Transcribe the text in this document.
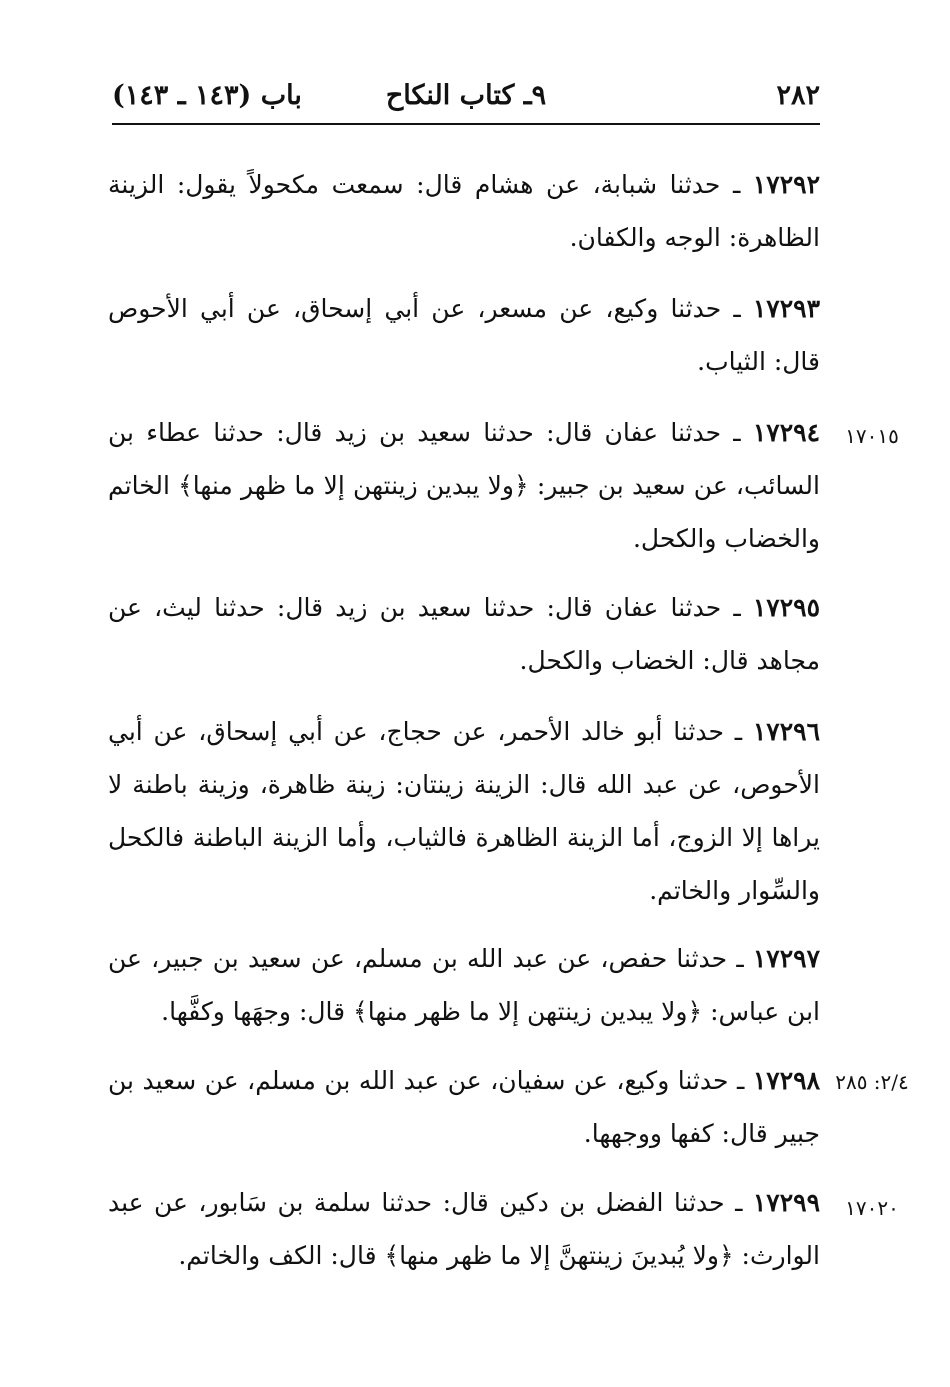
٢٨٢
٩ـ كتاب النكاح
باب (١٤٣ ـ ١٤٣)
١٧٢٩٢ ـ حدثنا شبابة، عن هشام قال: سمعت مكحولاً يقول: الزينة الظاهرة: الوجه والكفان.
١٧٢٩٣ ـ حدثنا وكيع، عن مسعر، عن أبي إسحاق، عن أبي الأحوص قال: الثياب.
١٧٠١٥
١٧٢٩٤ ـ حدثنا عفان قال: حدثنا سعيد بن زيد قال: حدثنا عطاء بن السائب، عن سعيد بن جبير: ﴿ولا يبدين زينتهن إلا ما ظهر منها﴾ الخاتم والخضاب والكحل.
١٧٢٩٥ ـ حدثنا عفان قال: حدثنا سعيد بن زيد قال: حدثنا ليث، عن مجاهد قال: الخضاب والكحل.
١٧٢٩٦ ـ حدثنا أبو خالد الأحمر، عن حجاج، عن أبي إسحاق، عن أبي الأحوص، عن عبد الله قال: الزينة زينتان: زينة ظاهرة، وزينة باطنة لا يراها إلا الزوج، أما الزينة الظاهرة فالثياب، وأما الزينة الباطنة فالكحل والسِّوار والخاتم.
١٧٢٩٧ ـ حدثنا حفص، عن عبد الله بن مسلم، عن سعيد بن جبير، عن ابن عباس: ﴿ولا يبدين زينتهن إلا ما ظهر منها﴾ قال: وجهَها وكفَّها.
٢/٤: ٢٨٥
١٧٢٩٨ ـ حدثنا وكيع، عن سفيان، عن عبد الله بن مسلم، عن سعيد بن جبير قال: كفها ووجهها.
١٧٠٢٠
١٧٢٩٩ ـ حدثنا الفضل بن دكين قال: حدثنا سلمة بن سَابور، عن عبد الوارث: ﴿ولا يُبدينَ زينتهنَّ إلا ما ظهر منها﴾ قال: الكف والخاتم.
